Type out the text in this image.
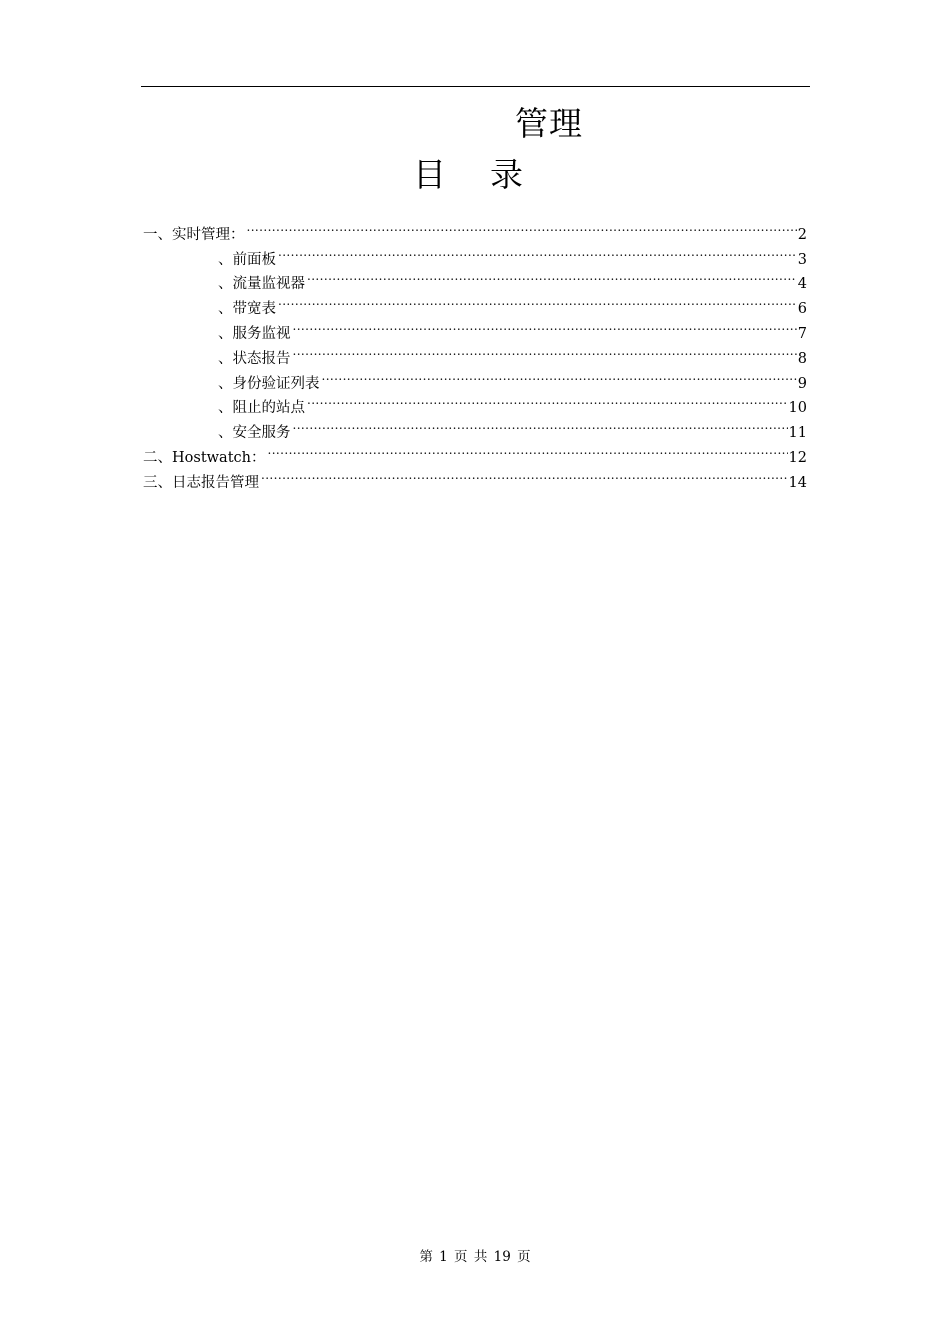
管理
目录
一、实时管理： .....	2
、前面板 .....	3
、流量监视器 .....	4
、带宽表 .....	6
、服务监视 .....	7
、状态报告 .....	8
、身份验证列表 .....	9
、阻止的站点 .....	10
、安全服务 .....	11
二、Hostwatch： .....	12
三、日志报告管理 .....	14
第 1 页 共 19 页
